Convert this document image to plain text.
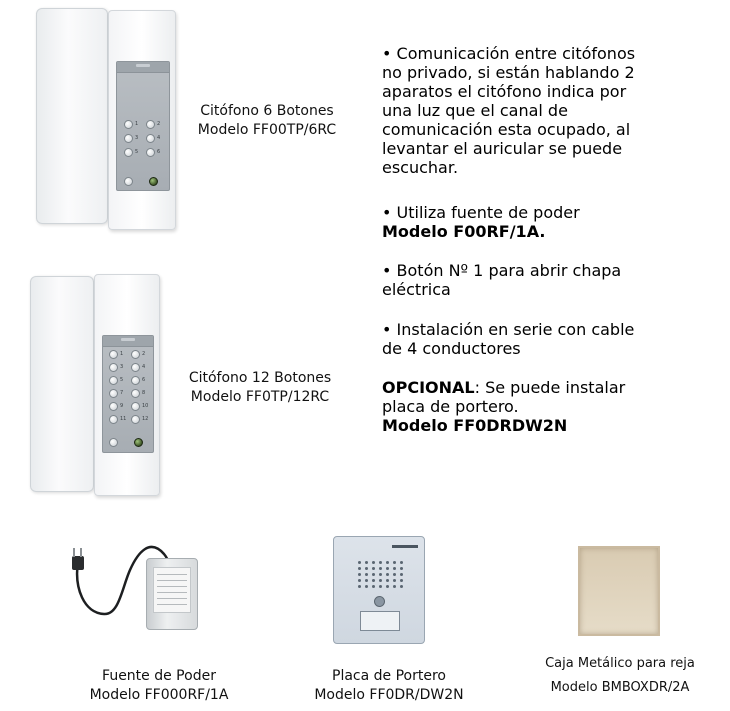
1	2
3	4
5	6
Citófono 6 Botones
Modelo FF00TP/6RC
1	2
3	4
5	6
7	8
9	10
11	12
Citófono 12 Botones
Modelo FF0TP/12RC
• Comunicación entre citófonos
no privado, si están hablando 2
aparatos el citófono indica por
una luz que el canal de
comunicación esta ocupado, al
levantar el auricular se puede
escuchar.
• Utiliza fuente de poder
Modelo F00RF/1A.
• Botón Nº 1 para abrir chapa
eléctrica
• Instalación en serie con cable
de 4 conductores
OPCIONAL: Se puede instalar
placa de portero.
Modelo FF0DRDW2N
Fuente de Poder
Modelo FF000RF/1A
Placa de Portero
Modelo FF0DR/DW2N
Caja Metálico para reja
Modelo BMBOXDR/2A
